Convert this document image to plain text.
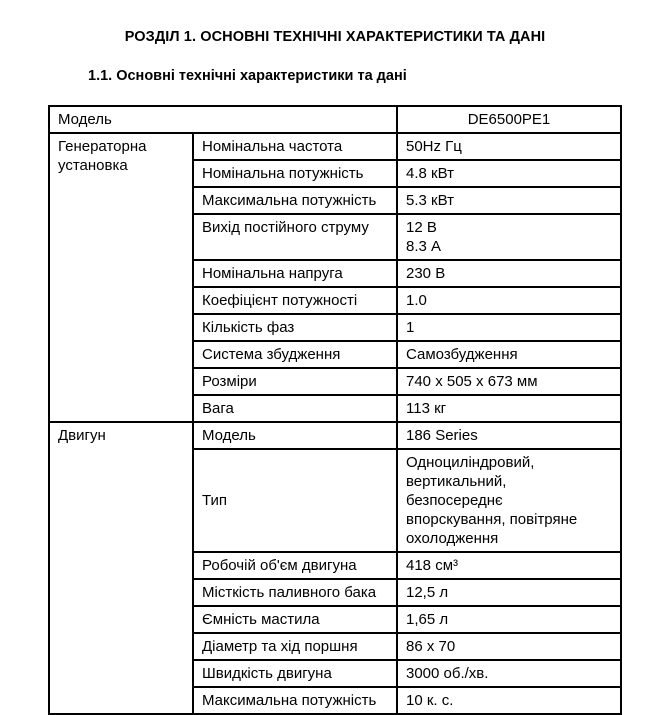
РОЗДІЛ 1. ОСНОВНІ ТЕХНІЧНІ ХАРАКТЕРИСТИКИ ТА ДАНІ
1.1. Основні технічні характеристики та дані
Модель		DE6500PE1
Генераторна установка	Номінальна частота	50Hz Гц
	Номінальна потужність	4.8 кВт
	Максимальна потужність	5.3 кВт
	Вихід постійного струму	12 В
8.3 А

	Номінальна напруга	230 В
	Коефіцієнт потужності	1.0
	Кількість фаз	1
	Система збудження	Самозбудження
	Розміри	740 x 505 x 673 мм
	Вага	113 кг
Двигун	Модель	186 Series
	Тип	Одноциліндровий,
вертикальний,
безпосереднє
впорскування, повітряне
охолодження

	Робочій об'єм двигуна	418 см³
	Місткість паливного бака	12,5 л
	Ємність мастила	1,65 л
	Діаметр та хід поршня	86 x 70
	Швидкість двигуна	3000 об./хв.
	Максимальна потужність	10 к. с.
